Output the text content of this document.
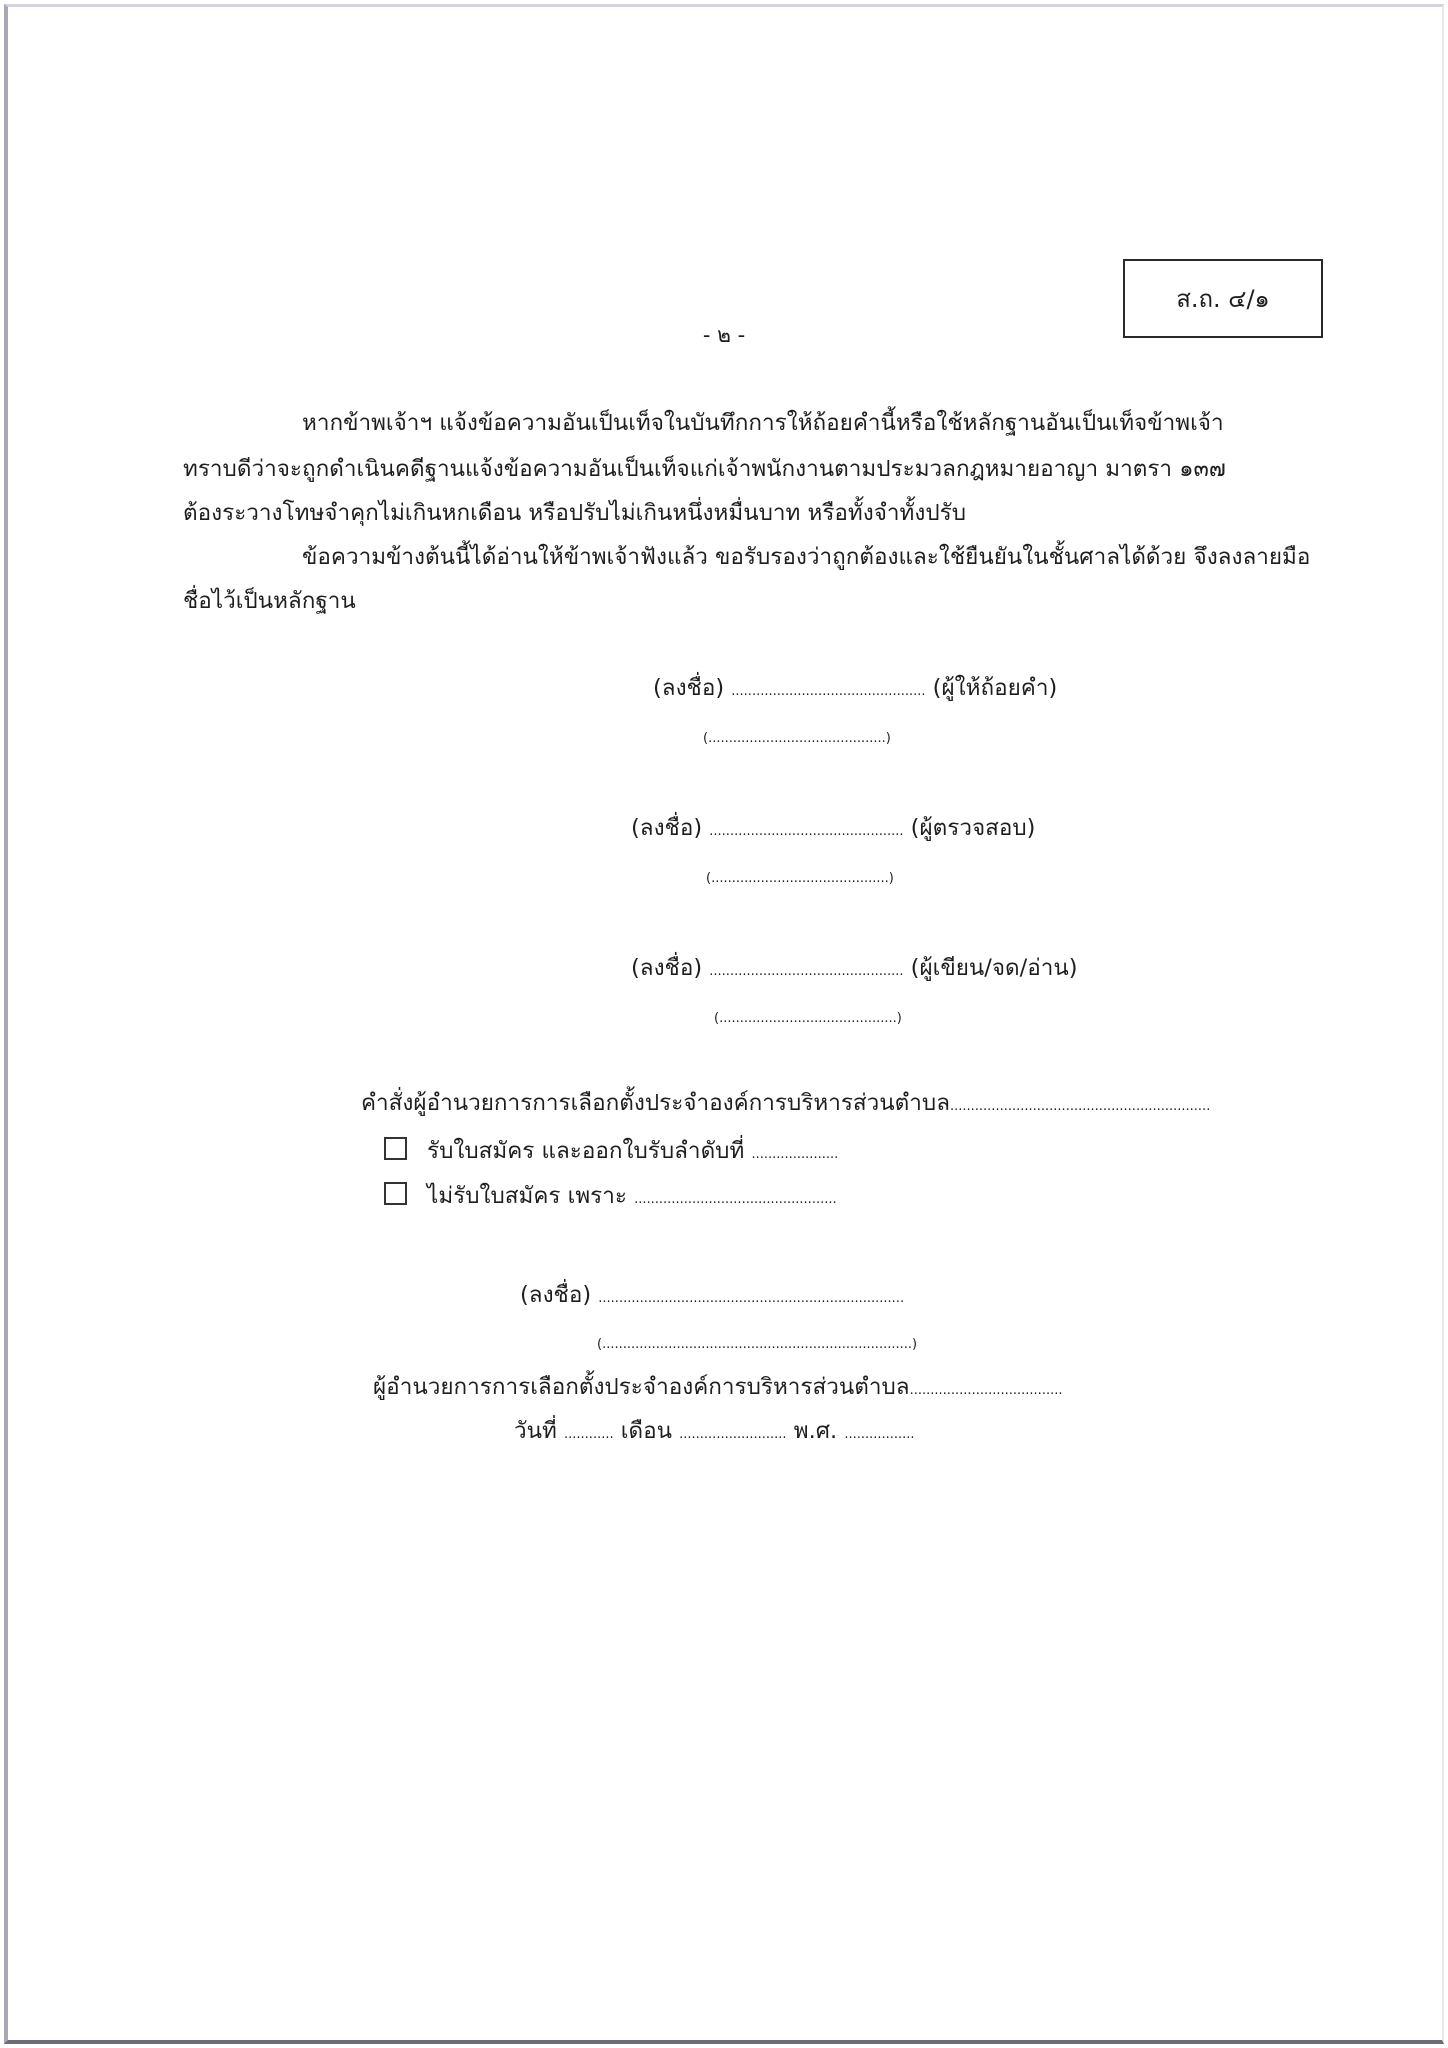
ส.ถ. ๔/๑
- ๒ -
หากข้าพเจ้าฯ แจ้งข้อความอันเป็นเท็จในบันทึกการให้ถ้อยคำนี้หรือใช้หลักฐานอันเป็นเท็จข้าพเจ้า
ทราบดีว่าจะถูกดำเนินคดีฐานแจ้งข้อความอันเป็นเท็จแก่เจ้าพนักงานตามประมวลกฎหมายอาญา มาตรา ๑๓๗
ต้องระวางโทษจำคุกไม่เกินหกเดือน หรือปรับไม่เกินหนึ่งหมื่นบาท หรือทั้งจำทั้งปรับ
ข้อความข้างต้นนี้ได้อ่านให้ข้าพเจ้าฟังแล้ว ขอรับรองว่าถูกต้องและใช้ยืนยันในชั้นศาลได้ด้วย จึงลงลายมือ
ชื่อไว้เป็นหลักฐาน
(ลงชื่อ) ............................................... (ผู้ให้ถ้อยคำ)
(...........................................)
(ลงชื่อ) ............................................... (ผู้ตรวจสอบ)
(...........................................)
(ลงชื่อ) ............................................... (ผู้เขียน/จด/อ่าน)
(...........................................)
คำสั่งผู้อำนวยการการเลือกตั้งประจำองค์การบริหารส่วนตำบล...............................................................
รับใบสมัคร และออกใบรับลำดับที่ .....................
ไม่รับใบสมัคร เพราะ .................................................
(ลงชื่อ) ..........................................................................
(...........................................................................)
ผู้อำนวยการการเลือกตั้งประจำองค์การบริหารส่วนตำบล.....................................
วันที่ ............ เดือน .......................... พ.ศ. .................
